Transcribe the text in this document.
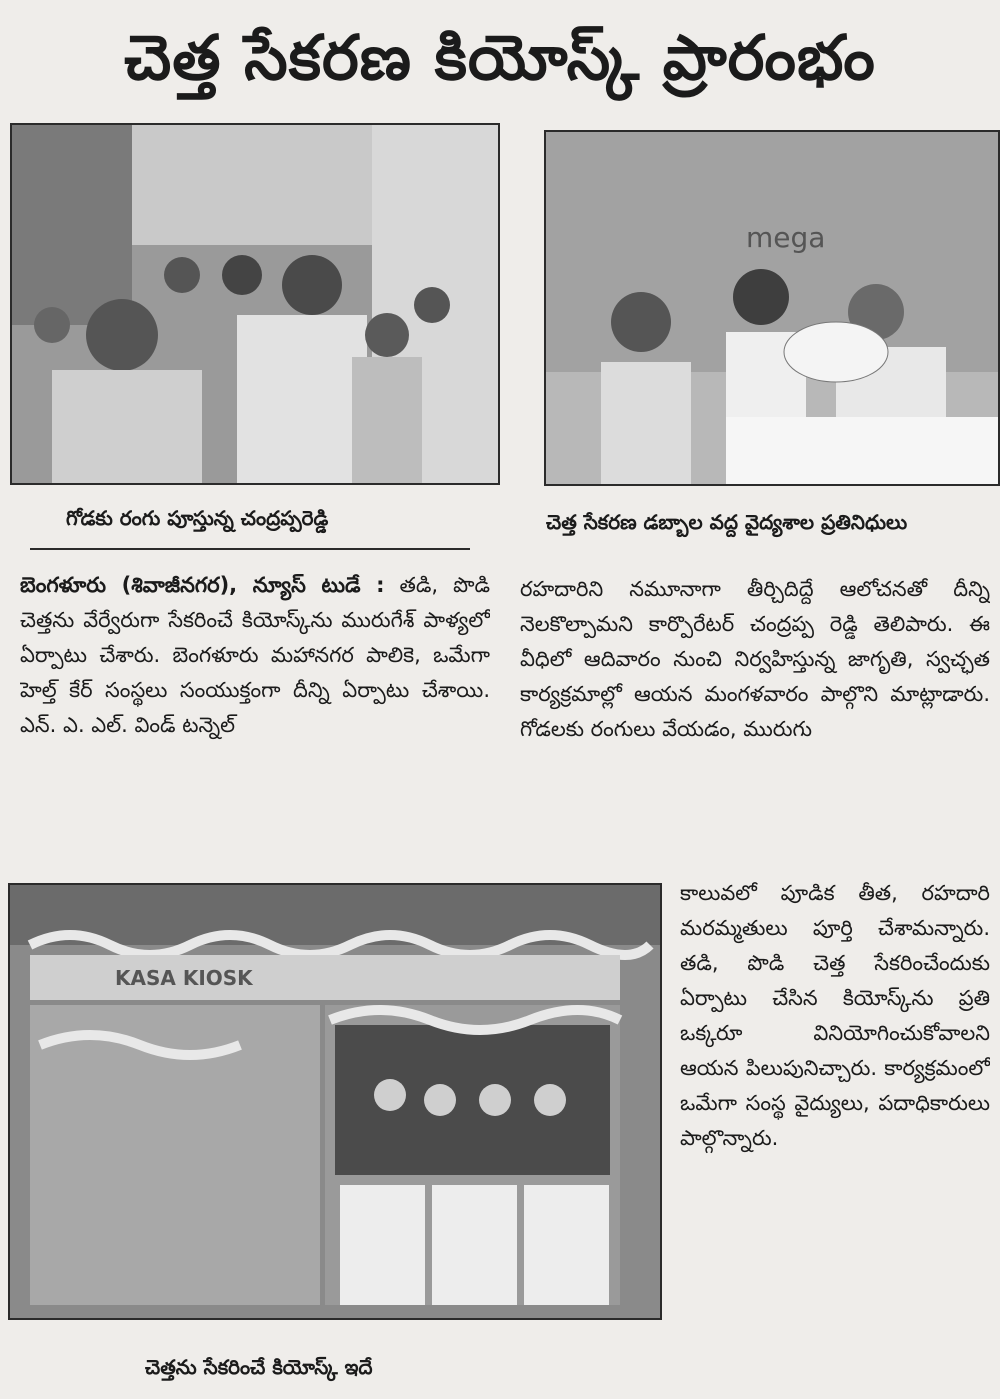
చెత్త సేకరణ కియోస్క్ ప్రారంభం
mega
గోడకు రంగు పూస్తున్న చంద్రప్పరెడ్డి	చెత్త సేకరణ డబ్బాల వద్ద వైద్యశాల ప్రతినిధులు
బెంగళూరు (శివాజీనగర), న్యూస్ టుడే : తడి, పొడి చెత్తను వేర్వేరుగా సేకరించే కియోస్క్‌ను మురుగేశ్ పాళ్యలో ఏర్పాటు చేశారు. బెంగళూరు మహానగర పాలికె, ఒమేగా హెల్త్ కేర్ సంస్థలు సంయుక్తంగా దీన్ని ఏర్పాటు చేశాయి. ఎన్. ఎ. ఎల్. విండ్ టన్నెల్
రహదారిని నమూనాగా తీర్చిదిద్దే ఆలోచనతో దీన్ని నెలకొల్పామని కార్పొరేటర్ చంద్రప్ప రెడ్డి తెలిపారు. ఈ వీధిలో ఆదివారం నుంచి నిర్వహిస్తున్న జాగృతి, స్వచ్ఛత కార్యక్రమాల్లో ఆయన మంగళవారం పాల్గొని మాట్లాడారు. గోడలకు రంగులు వేయడం, మురుగు
KASA KIOSK
చెత్తను సేకరించే కియోస్క్ ఇదే
కాలువలో పూడిక తీత, రహదారి మరమ్మతులు పూర్తి చేశామన్నారు. తడి, పొడి చెత్త సేకరించేందుకు ఏర్పాటు చేసిన కియోస్క్‌ను ప్రతి ఒక్కరూ వినియోగించుకోవాలని ఆయన పిలుపునిచ్చారు. కార్యక్రమంలో ఒమేగా సంస్థ వైద్యులు, పదాధికారులు పాల్గొన్నారు.
